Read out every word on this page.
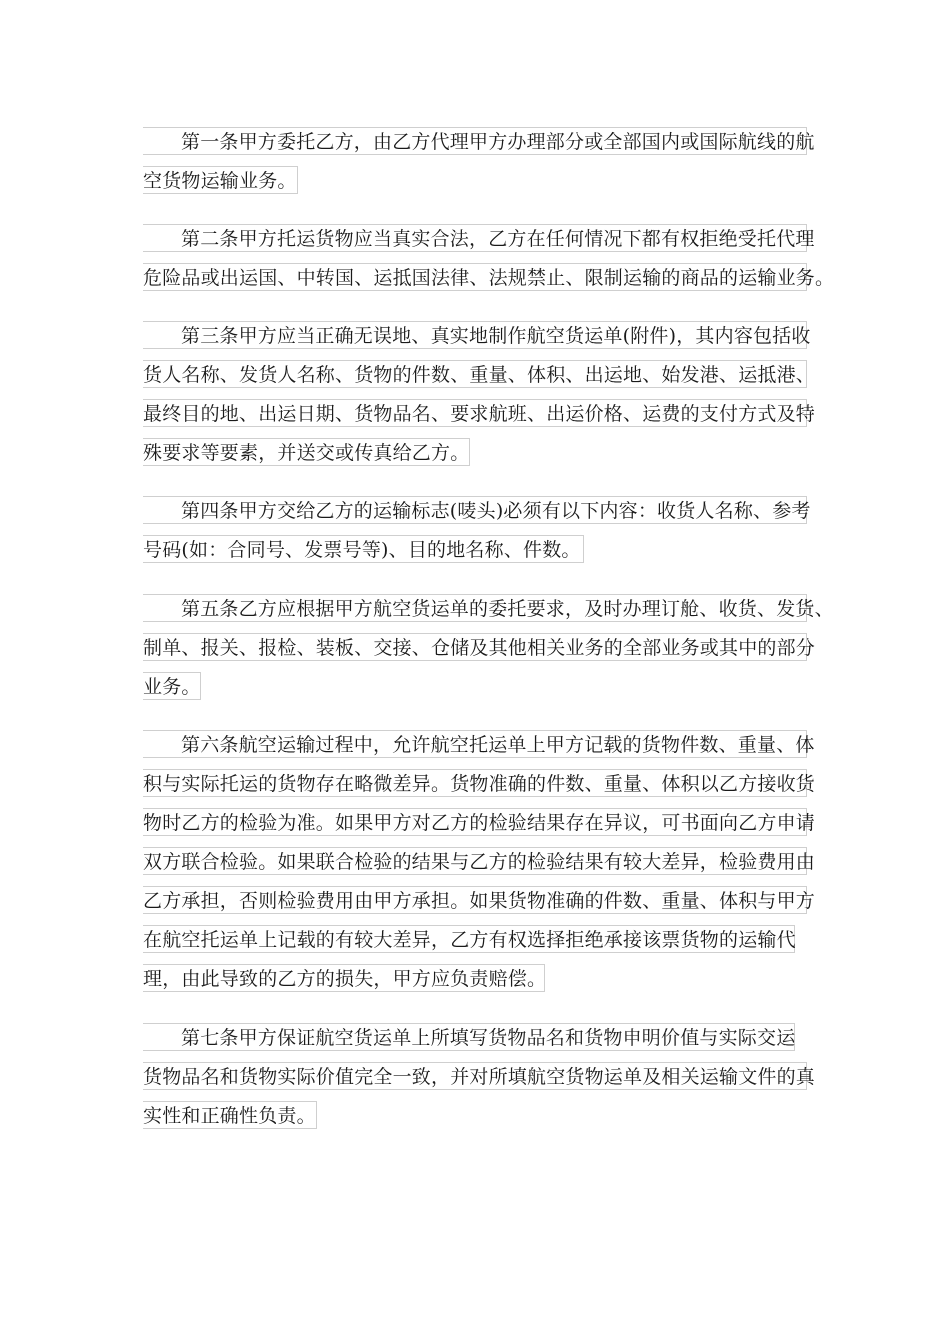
第一条甲方委托乙方，由乙方代理甲方办理部分或全部国内或国际航线的航
空货物运输业务。
第二条甲方托运货物应当真实合法，乙方在任何情况下都有权拒绝受托代理
危险品或出运国、中转国、运抵国法律、法规禁止、限制运输的商品的运输业务。
第三条甲方应当正确无误地、真实地制作航空货运单(附件)，其内容包括收
货人名称、发货人名称、货物的件数、重量、体积、出运地、始发港、运抵港、
最终目的地、出运日期、货物品名、要求航班、出运价格、运费的支付方式及特
殊要求等要素，并送交或传真给乙方。
第四条甲方交给乙方的运输标志(唛头)必须有以下内容：收货人名称、参考
号码(如：合同号、发票号等)、目的地名称、件数。
第五条乙方应根据甲方航空货运单的委托要求，及时办理订舱、收货、发货、
制单、报关、报检、装板、交接、仓储及其他相关业务的全部业务或其中的部分
业务。
第六条航空运输过程中，允许航空托运单上甲方记载的货物件数、重量、体
积与实际托运的货物存在略微差异。货物准确的件数、重量、体积以乙方接收货
物时乙方的检验为准。如果甲方对乙方的检验结果存在异议，可书面向乙方申请
双方联合检验。如果联合检验的结果与乙方的检验结果有较大差异，检验费用由
乙方承担，否则检验费用由甲方承担。如果货物准确的件数、重量、体积与甲方
在航空托运单上记载的有较大差异，乙方有权选择拒绝承接该票货物的运输代
理，由此导致的乙方的损失，甲方应负责赔偿。
第七条甲方保证航空货运单上所填写货物品名和货物申明价值与实际交运
货物品名和货物实际价值完全一致，并对所填航空货物运单及相关运输文件的真
实性和正确性负责。
